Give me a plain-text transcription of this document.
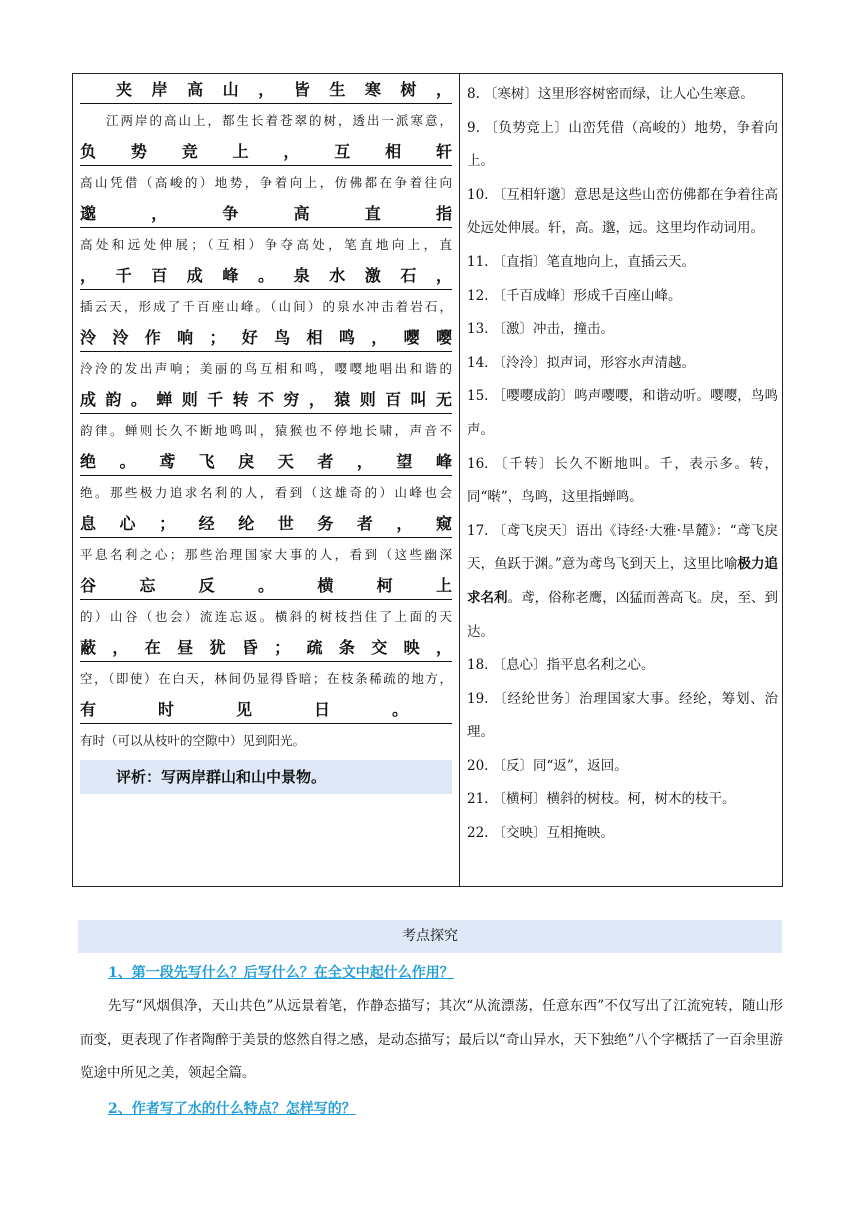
夹岸高山，皆生寒树，
江两岸的高山上，都生长着苍翠的树，透出一派寒意，
负势竞上，互相轩
高山凭借（高峻的）地势，争着向上，仿佛都在争着往向
邈，争高直指
高处和远处伸展；（互相）争夺高处，笔直地向上，直
，千百成峰。泉水激石，
插云天，形成了千百座山峰。（山间）的泉水冲击着岩石，
泠泠作响；好鸟相鸣，嘤嘤
泠泠的发出声响；美丽的鸟互相和鸣，嘤嘤地唱出和谐的
成韵。蝉则千转不穷，猿则百叫无
韵律。蝉则长久不断地鸣叫，猿猴也不停地长啸，声音不
绝。鸢飞戾天者，望峰
绝。那些极力追求名利的人，看到（这雄奇的）山峰也会
息心；经纶世务者，窥
平息名利之心；那些治理国家大事的人，看到（这些幽深
谷忘反。横柯上
的）山谷（也会）流连忘返。横斜的树枝挡住了上面的天
蔽，在昼犹昏；疏条交映，
空，（即使）在白天，林间仍显得昏暗；在枝条稀疏的地方，
有时见日。
有时（可以从枝叶的空隙中）见到阳光。
评析：写两岸群山和山中景物。
8. 〔寒树〕这里形容树密而绿，让人心生寒意。
9. 〔负势竞上〕山峦凭借（高峻的）地势，争着向上。
10. 〔互相轩邈〕意思是这些山峦仿佛都在争着往高处远处伸展。轩，高。邈，远。这里均作动词用。
11. 〔直指〕笔直地向上，直插云天。
12. 〔千百成峰〕形成千百座山峰。
13. 〔激〕冲击，撞击。
14. 〔泠泠〕拟声词，形容水声清越。
15. ［嘤嘤成韵〕鸣声嘤嘤，和谐动听。嘤嘤，鸟鸣声。
16. 〔千转〕长久不断地叫。千，表示多。转，同“啭”，鸟鸣，这里指蝉鸣。
17. 〔鸢飞戾天〕语出《诗经·大雅·旱麓》：“鸢飞戾天，鱼跃于渊。”意为鸢鸟飞到天上，这里比喻极力追求名利。鸢，俗称老鹰，凶猛而善高飞。戾，至、到达。
18. 〔息心〕指平息名利之心。
19. 〔经纶世务〕治理国家大事。经纶，筹划、治理。
20. 〔反〕同“返”，返回。
21. 〔横柯〕横斜的树枝。柯，树木的枝干。
22. 〔交映〕互相掩映。
考点探究
1、第一段先写什么？后写什么？在全文中起什么作用？
先写“风烟俱净，天山共色”从远景着笔，作静态描写；其次“从流漂荡，任意东西”不仅写出了江流宛转，随山形而变，更表现了作者陶醉于美景的悠然自得之感，是动态描写；最后以“奇山异水，天下独绝”八个字概括了一百余里游览途中所见之美，领起全篇。
2、作者写了水的什么特点？怎样写的？
